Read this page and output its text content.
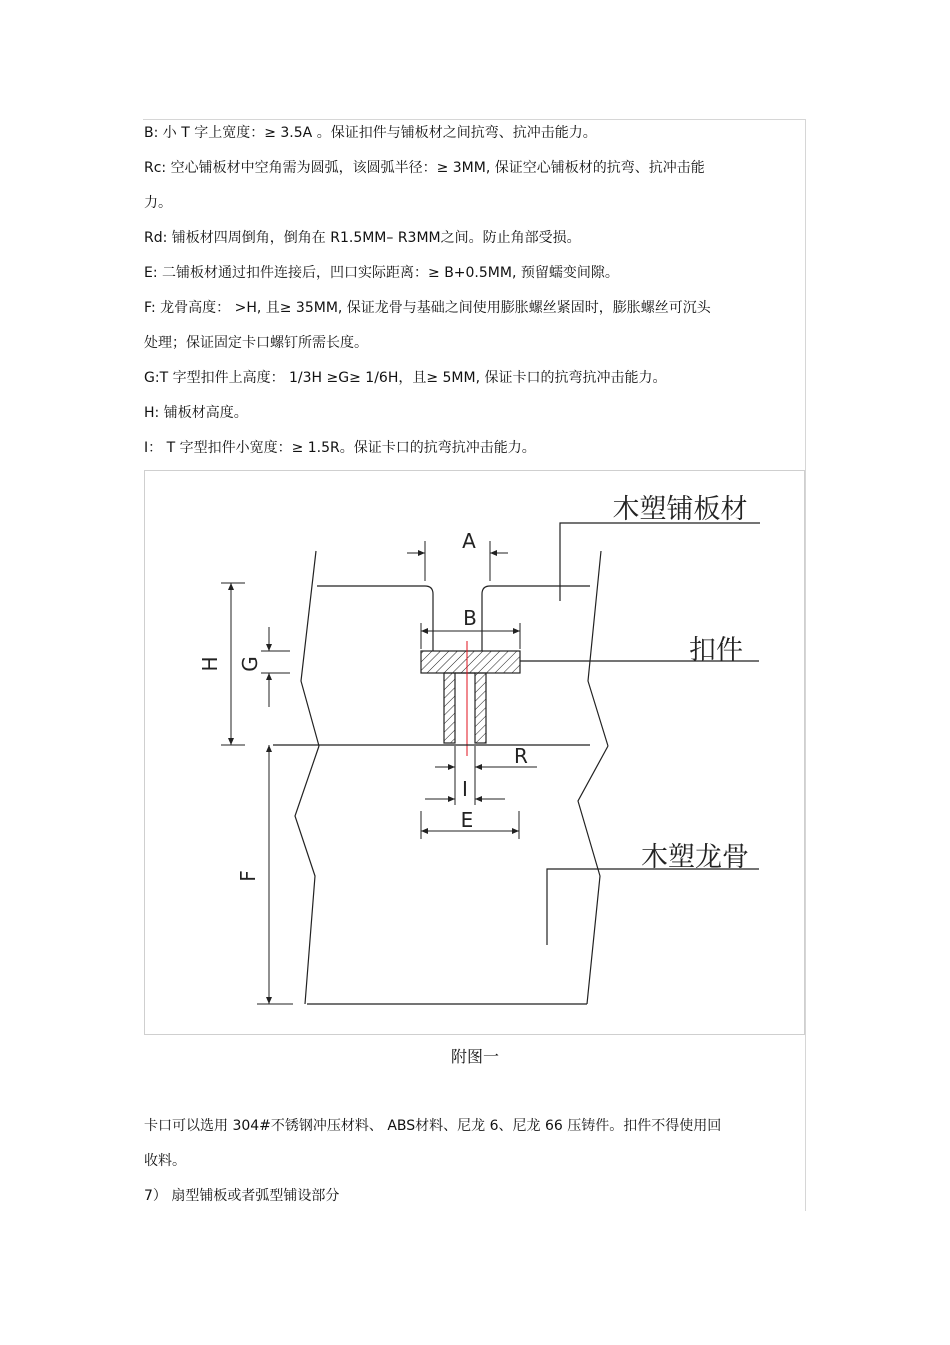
B: 小 T 字上宽度：≥ 3.5A 。保证扣件与铺板材之间抗弯、抗冲击能力。
Rc: 空心铺板材中空角需为圆弧，该圆弧半径：≥ 3MM, 保证空心铺板材的抗弯、抗冲击能
力。
Rd: 铺板材四周倒角，倒角在 R1.5MM– R3MM之间。防止角部受损。
E: 二铺板材通过扣件连接后，凹口实际距离：≥ B+0.5MM, 预留蠕变间隙。
F: 龙骨高度： >H, 且≥ 35MM, 保证龙骨与基础之间使用膨胀螺丝紧固时，膨胀螺丝可沉头
处理；保证固定卡口螺钉所需长度。
G:T 字型扣件上高度： 1/3H ≥G≥ 1/6H，且≥ 5MM, 保证卡口的抗弯抗冲击能力。
H: 铺板材高度。
I： T 字型扣件小宽度：≥ 1.5R。保证卡口的抗弯抗冲击能力。
A
B
H G
F
R
I
E
木塑铺板材
扣件
木塑龙骨
附图一
卡口可以选用 304#不锈钢冲压材料、 ABS材料、尼龙 6、尼龙 66 压铸件。扣件不得使用回
收料。
7） 扇型铺板或者弧型铺设部分
